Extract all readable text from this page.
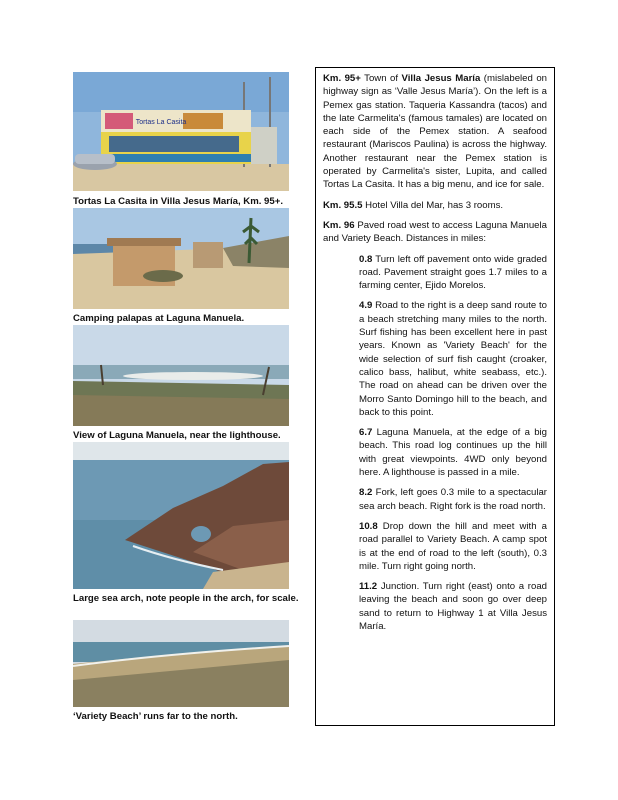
Tortas La Casita
Tortas La Casita in Villa Jesus María, Km. 95+.
Camping palapas at Laguna Manuela.
View of Laguna Manuela, near the lighthouse.
Large sea arch, note people in the arch, for scale.
‘Variety Beach’ runs far to the north.

Km. 95+ Town of Villa Jesus María (mislabeled on highway sign as ‘Valle Jesus María’). On the left is a Pemex gas station. Taqueria Kassandra (tacos) and the late Carmelita's (famous tamales) are located on each side of the Pemex station. A seafood restaurant (Mariscos Paulina) is across the highway. Another restaurant near the Pemex station is operated by Carmelita's sister, Lupita, and called Tortas La Casita. It has a big menu, and ice for sale.

Km. 95.5 Hotel Villa del Mar, has 3 rooms.

Km. 96 Paved road west to access Laguna Manuela and Variety Beach. Distances in miles:

0.8 Turn left off pavement onto wide graded road. Pavement straight goes 1.7 miles to a farming center, Ejido Morelos.

4.9 Road to the right is a deep sand route to a beach stretching many miles to the north. Surf fishing has been excellent here in past years. Known as 'Variety Beach' for the wide selection of surf fish caught (croaker, calico bass, halibut, white seabass, etc.). The road on ahead can be driven over the Morro Santo Domingo hill to the beach, and back to this point.

6.7 Laguna Manuela, at the edge of a big beach. This road log continues up the hill with great viewpoints. 4WD only beyond here. A lighthouse is passed in a mile.

8.2 Fork, left goes 0.3 mile to a spectacular sea arch beach. Right fork is the road north.

10.8 Drop down the hill and meet with a road parallel to Variety Beach. A camp spot is at the end of road to the left (south), 0.3 mile. Turn right going north.

11.2 Junction. Turn right (east) onto a road leaving the beach and soon go over deep sand to return to Highway 1 at Villa Jesus María.
